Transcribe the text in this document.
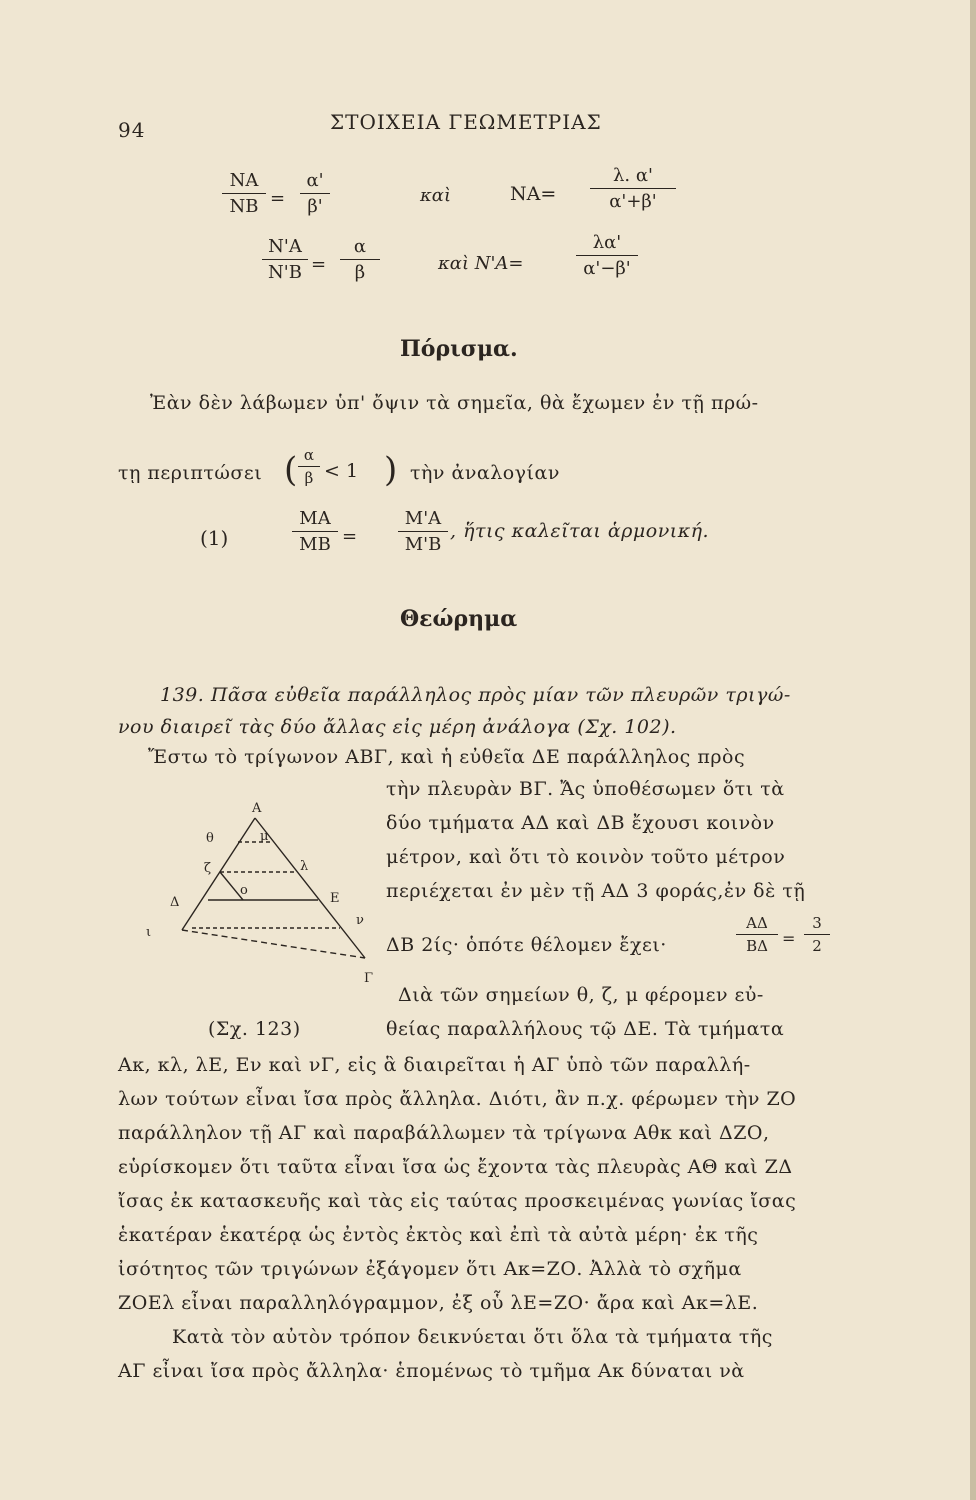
94	ΣΤΟΙΧΕΙΑ ΓΕΩΜΕΤΡΙΑΣ
ΝΑ
ΝΒ =
α'
β'
καὶ	ΝΑ=
λ. α'
α'+β'
Ν'Α
Ν'Β =
α
β	καὶ Ν'Α=
λα'
α'−β'
Πόρισμα.
Ἐὰν δὲν λάβωμεν ὑπ' ὄψιν τὰ σημεῖα, θὰ ἔχωμεν ἐν τῇ πρώ-
τῃ περιπτώσει ( α
β < 1 ) τὴν ἀναλογίαν
(1)
ΜΑ
ΜΒ =
Μ'Α
Μ'Β
, ἥτις καλεῖται ἁρμονική.
Θεώρημα
139. Πᾶσα εὐθεῖα παράλληλος πρὸς μίαν τῶν πλευρῶν τριγώ-
νου διαιρεῖ τὰς δύο ἄλλας εἰς μέρη ἀνάλογα (Σχ. 102).
Ἔστω τὸ τρίγωνον ΑΒΓ, καὶ ἡ εὐθεῖα ΔΕ παράλληλος πρὸς
τὴν πλευρὰν ΒΓ. Ἄς ὑποθέσωμεν ὅτι τὰ
δύο τμήματα ΑΔ καὶ ΔΒ ἔχουσι κοινὸν
μέτρον, καὶ ὅτι τὸ κοινὸν τοῦτο μέτρον
περιέχεται ἐν μὲν τῇ ΑΔ 3 φοράς,ἐν δὲ τῇ
ΔΒ 2ίς· ὁπότε θέλομεν ἔχει·
ΑΔ
ΒΔ =
3
2
Διὰ τῶν σημείων θ, ζ, μ φέρομεν εὐ-
(Σχ. 123)	θείας παραλλήλους τῷ ΔΕ. Τὰ τμήματα
Ακ, κλ, λΕ, Εν καὶ νΓ, εἰς ἃ διαιρεῖται ἡ ΑΓ ὑπὸ τῶν παραλλή-
λων τούτων εἶναι ἴσα πρὸς ἄλληλα. Διότι, ἂν π.χ. φέρωμεν τὴν ΖΟ
παράλληλον τῇ ΑΓ καὶ παραβάλλωμεν τὰ τρίγωνα Αθκ καὶ ΔΖΟ,
εὑρίσκομεν ὅτι ταῦτα εἶναι ἴσα ὡς ἔχοντα τὰς πλευρὰς ΑΘ καὶ ΖΔ
ἴσας ἐκ κατασκευῆς καὶ τὰς εἰς ταύτας προσκειμένας γωνίας ἴσας
ἑκατέραν ἑκατέρᾳ ὡς ἐντὸς ἐκτὸς καὶ ἐπὶ τὰ αὐτὰ μέρη· ἐκ τῆς
ἰσότητος τῶν τριγώνων ἐξάγομεν ὅτι Ακ=ΖΟ. Ἀλλὰ τὸ σχῆμα
ΖΟΕλ εἶναι παραλληλόγραμμον, ἐξ οὗ λΕ=ΖΟ· ἄρα καὶ Ακ=λΕ.
Κατὰ τὸν αὐτὸν τρόπον δεικνύεται ὅτι ὅλα τὰ τμήματα τῆς
ΑΓ εἶναι ἴσα πρὸς ἄλληλα· ἑπομένως τὸ τμῆμα Ακ δύναται νὰ
Α
θ	μ
ζ	λ
Δ
ο
Ε
ι
ν
Γ
